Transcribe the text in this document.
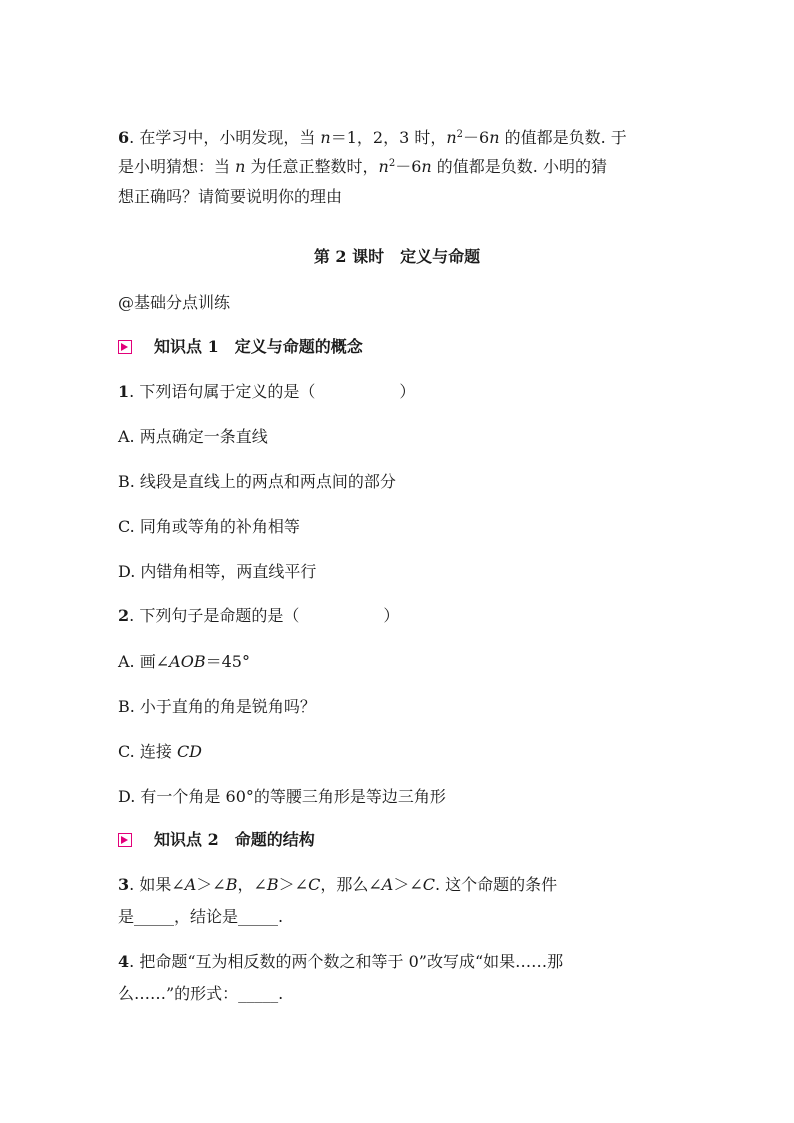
6. 在学习中，小明发现，当 n＝1，2，3 时，$n^2-6n$ 的值都是负数. 于
是小明猜想：当 n 为任意正整数时，$n^2-6n$ 的值都是负数. 小明的猜
想正确吗？请简要说明你的理由
第 2 课时　定义与命题
@基础分点训练
知识点 1　定义与命题的概念
1. 下列语句属于定义的是（	）
A. 两点确定一条直线
B. 线段是直线上的两点和两点间的部分
C. 同角或等角的补角相等
D. 内错角相等，两直线平行
2. 下列句子是命题的是（	）
A. 画∠AOB＝45°
B. 小于直角的角是锐角吗？
C. 连接 CD
D. 有一个角是 60°的等腰三角形是等边三角形
知识点 2　命题的结构
3. 如果∠A＞∠B，∠B＞∠C，那么∠A＞∠C. 这个命题的条件
是_____，结论是_____.
4. 把命题“互为相反数的两个数之和等于 0”改写成“如果……那
么……”的形式：_____.
